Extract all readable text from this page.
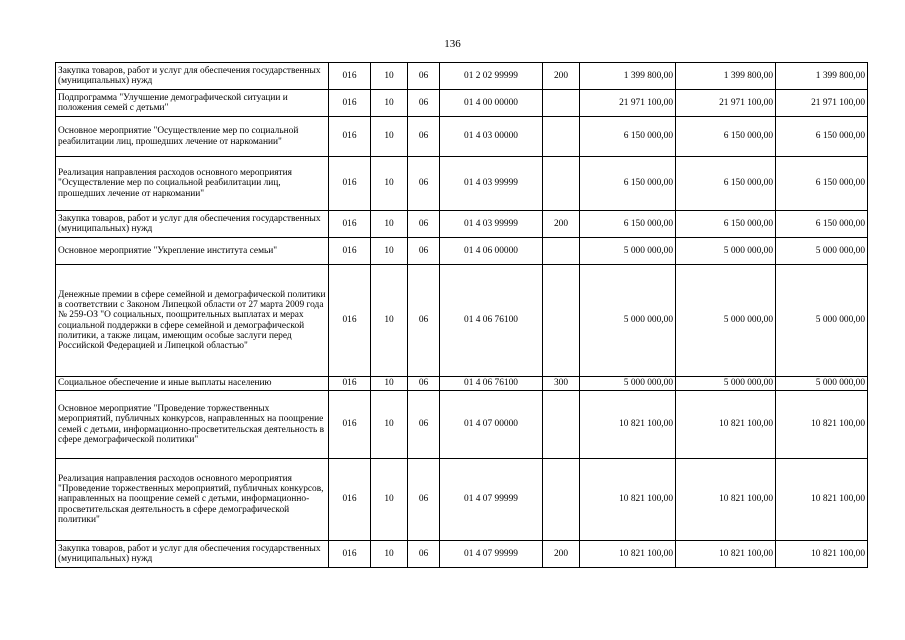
136
Закупка товаров, работ и услуг для обеспечения государственных (муниципальных) нужд	016	10	06	01 2 02 99999	200	1 399 800,00	1 399 800,00	1 399 800,00
Подпрограмма "Улучшение демографической ситуации и положения семей с детьми"	016	10	06	01 4 00 00000		21 971 100,00	21 971 100,00	21 971 100,00
Основное мероприятие "Осуществление мер по социальной реабилитации лиц, прошедших лечение от наркомании"	016	10	06	01 4 03 00000		6 150 000,00	6 150 000,00	6 150 000,00
Реализация направления расходов основного мероприятия "Осуществление мер по социальной реабилитации лиц, прошедших лечение от наркомании"	016	10	06	01 4 03 99999		6 150 000,00	6 150 000,00	6 150 000,00
Закупка товаров, работ и услуг для обеспечения государственных (муниципальных) нужд	016	10	06	01 4 03 99999	200	6 150 000,00	6 150 000,00	6 150 000,00
Основное мероприятие "Укрепление института семьи"	016	10	06	01 4 06 00000		5 000 000,00	5 000 000,00	5 000 000,00
Денежные премии в сфере семейной и демографической политики в соответствии с Законом Липецкой области от 27 марта 2009 года № 259-ОЗ "О социальных, поощрительных выплатах и мерах социальной поддержки в сфере семейной и демографической политики, а также лицам, имеющим особые заслуги перед Российской Федерацией и Липецкой областью"	016	10	06	01 4 06 76100		5 000 000,00	5 000 000,00	5 000 000,00
Социальное обеспечение и иные выплаты населению	016	10	06	01 4 06 76100	300	5 000 000,00	5 000 000,00	5 000 000,00
Основное мероприятие "Проведение торжественных мероприятий, публичных конкурсов, направленных на поощрение семей с детьми, информационно-просветительская деятельность в сфере демографической политики"	016	10	06	01 4 07 00000		10 821 100,00	10 821 100,00	10 821 100,00
Реализация направления расходов основного мероприятия "Проведение торжественных мероприятий, публичных конкурсов, направленных на поощрение семей с детьми, информационно-просветительская деятельность в сфере демографической политики"	016	10	06	01 4 07 99999		10 821 100,00	10 821 100,00	10 821 100,00
Закупка товаров, работ и услуг для обеспечения государственных (муниципальных) нужд	016	10	06	01 4 07 99999	200	10 821 100,00	10 821 100,00	10 821 100,00
